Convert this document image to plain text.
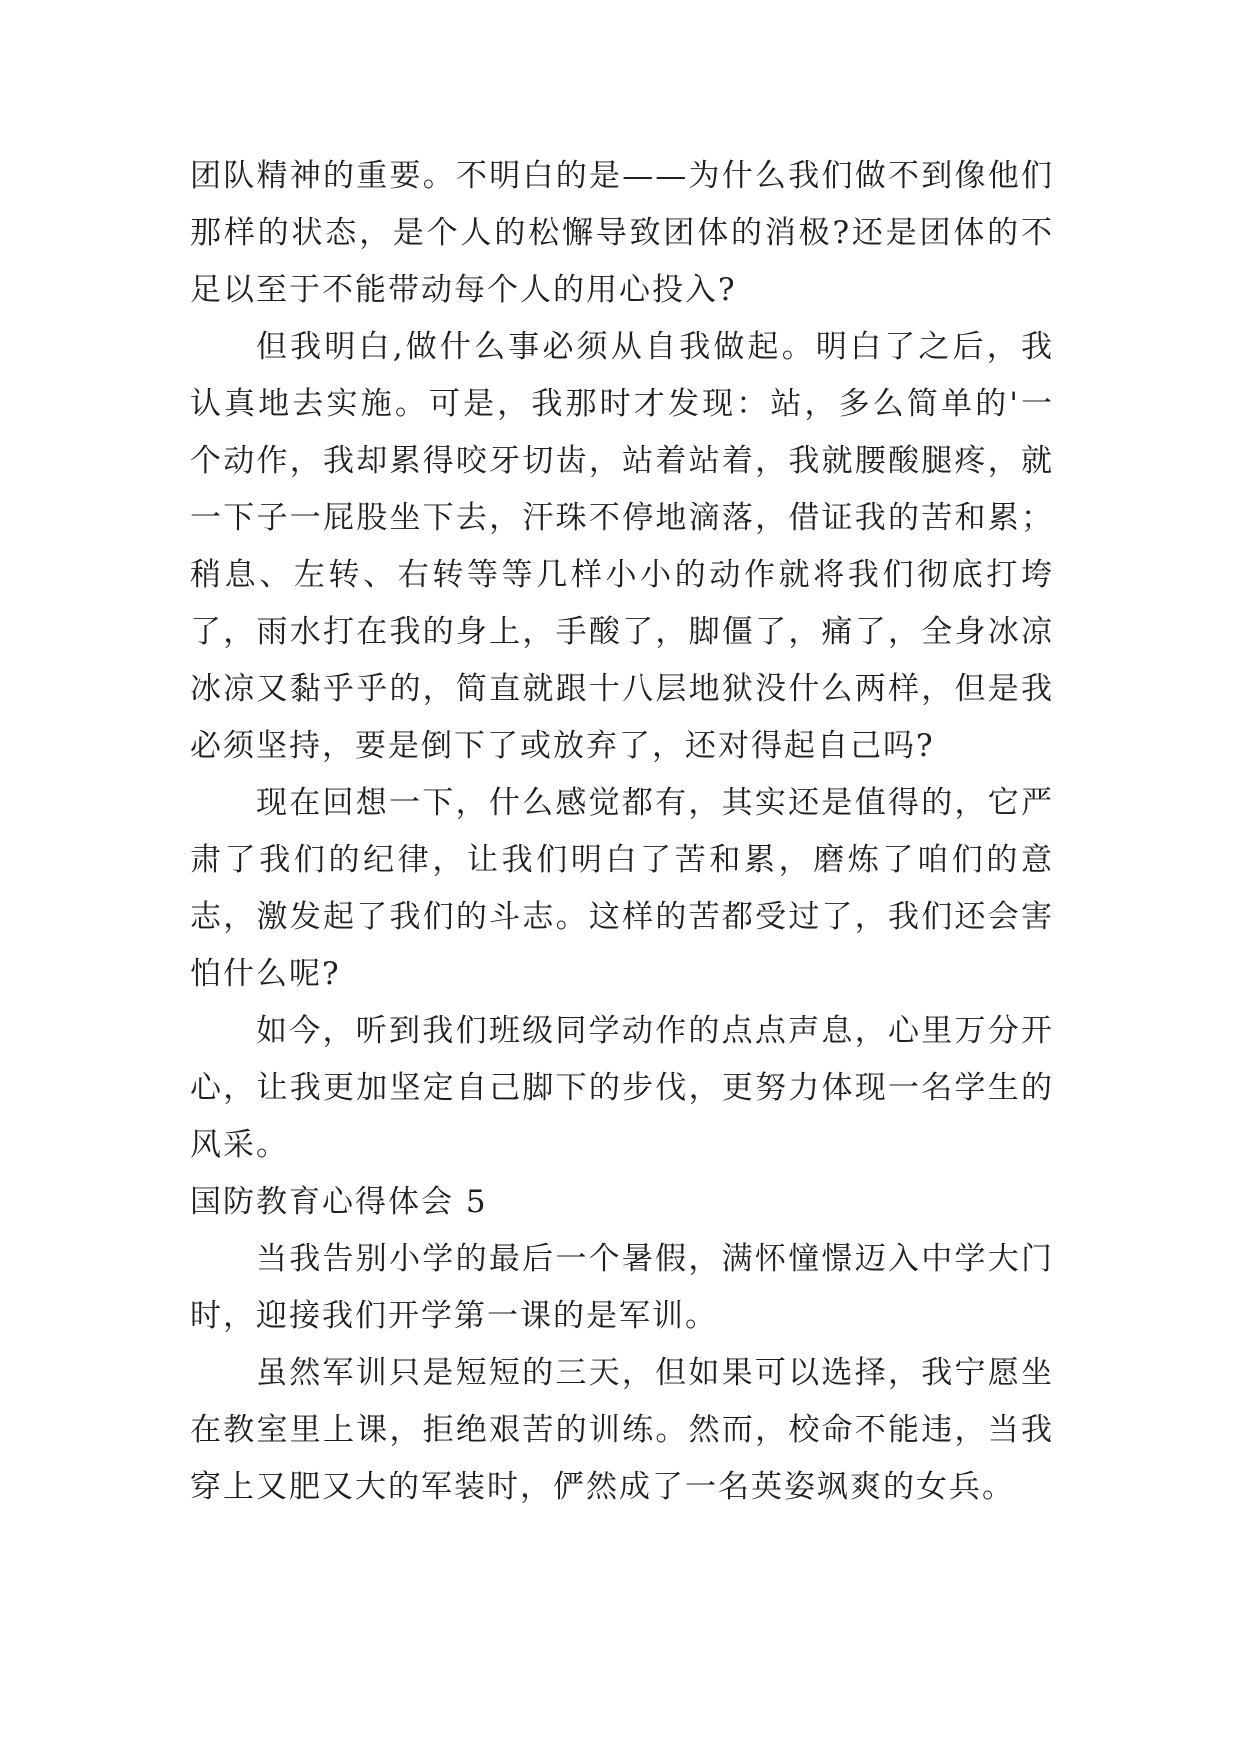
团队精神的重要。不明白的是——为什么我们做不到像他们那样的状态，是个人的松懈导致团体的消极?还是团体的不足以至于不能带动每个人的用心投入?

但我明白,做什么事必须从自我做起。明白了之后，我认真地去实施。可是，我那时才发现：站，多么简单的'一个动作，我却累得咬牙切齿，站着站着，我就腰酸腿疼，就一下子一屁股坐下去，汗珠不停地滴落，借证我的苦和累；稍息、左转、右转等等几样小小的动作就将我们彻底打垮了，雨水打在我的身上，手酸了，脚僵了，痛了，全身冰凉冰凉又黏乎乎的，简直就跟十八层地狱没什么两样，但是我必须坚持，要是倒下了或放弃了，还对得起自己吗?

现在回想一下，什么感觉都有，其实还是值得的，它严肃了我们的纪律，让我们明白了苦和累，磨炼了咱们的意志，激发起了我们的斗志。这样的苦都受过了，我们还会害怕什么呢?

如今，听到我们班级同学动作的点点声息，心里万分开心，让我更加坚定自己脚下的步伐，更努力体现一名学生的风采。

国防教育心得体会 5

当我告别小学的最后一个暑假，满怀憧憬迈入中学大门时，迎接我们开学第一课的是军训。

虽然军训只是短短的三天，但如果可以选择，我宁愿坐在教室里上课，拒绝艰苦的训练。然而，校命不能违，当我穿上又肥又大的军装时，俨然成了一名英姿飒爽的女兵。
